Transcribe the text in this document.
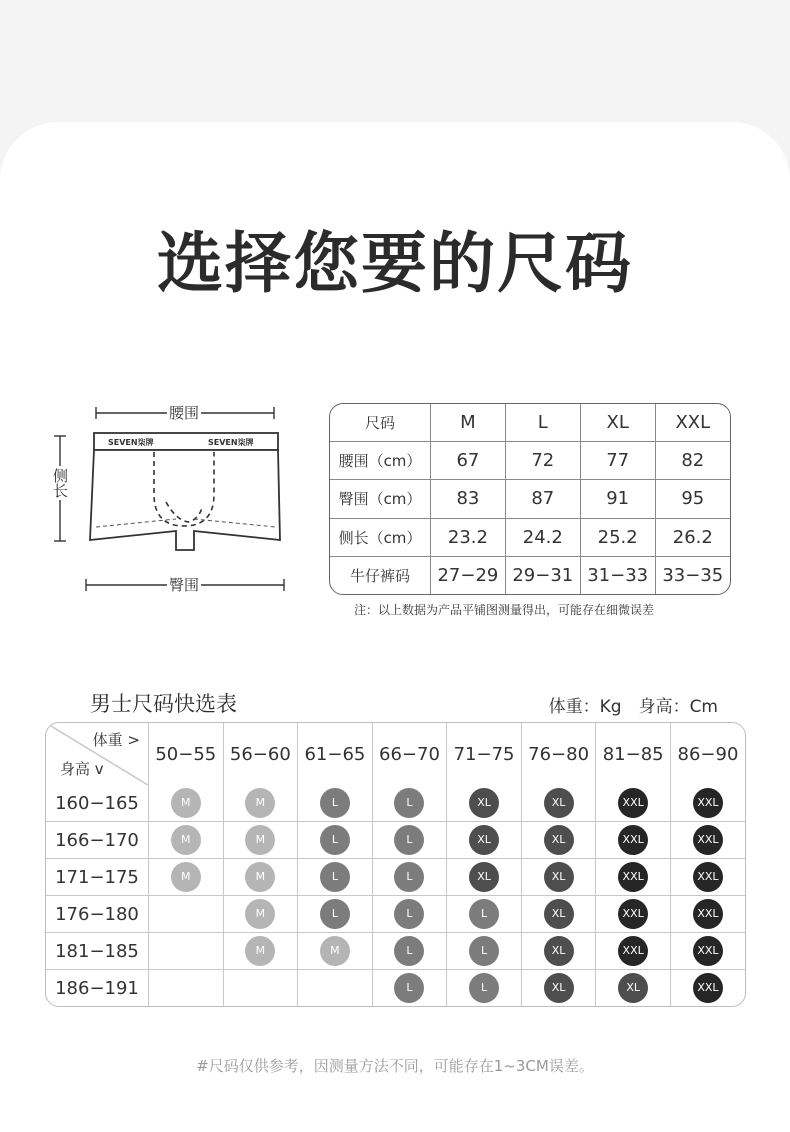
选择您要的尺码
腰围
侧长
臀围
SEVEN柒牌	SEVEN柒牌
尺码	M	L	XL	XXL
腰围（cm）	67	72	77	82
臀围（cm）	83	87	91	95
侧长（cm）	23.2	24.2	25.2	26.2
牛仔裤码	27−29	29−31	31−33	33−35
注：以上数据为产品平铺图测量得出，可能存在细微误差
男士尺码快选表	体重：Kg　身高：Cm
体重 >
身高 v	50−55	56−60	61−65	66−70	71−75	76−80	81−85	86−90
160−165	M	M	L	L	XL	XL	XXL	XXL
166−170	M	M	L	L	XL	XL	XXL	XXL
171−175	M	M	L	L	XL	XL	XXL	XXL
176−180		M	L	L	L	XL	XXL	XXL
181−185		M	M	L	L	XL	XXL	XXL
186−191				L	L	XL	XL	XXL
#尺码仅供参考，因测量方法不同，可能存在1~3CM误差。
